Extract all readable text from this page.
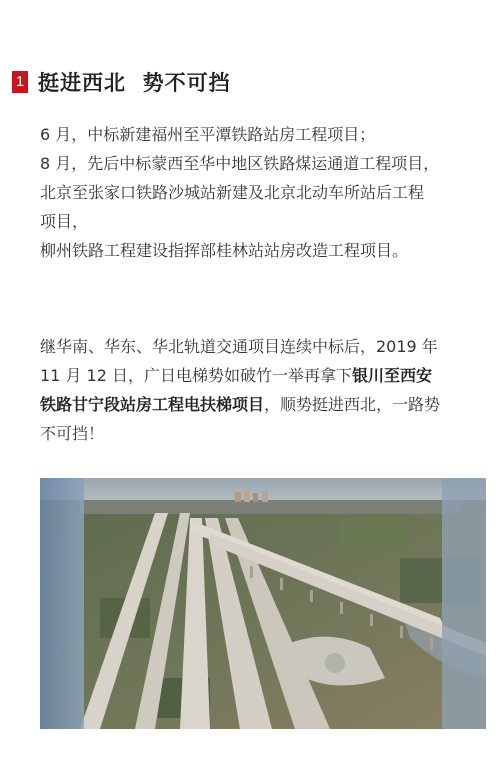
1 挺进西北  势不可挡
6 月，中标新建福州至平潭铁路站房工程项目；
8 月，先后中标蒙西至华中地区铁路煤运通道工程项目，
北京至张家口铁路沙城站新建及北京北动车所站后工程
项目，
柳州铁路工程建设指挥部桂林站站房改造工程项目。
继华南、华东、华北轨道交通项目连续中标后，2019 年
11 月 12 日，广日电梯势如破竹一举再拿下银川至西安
铁路甘宁段站房工程电扶梯项目，顺势挺进西北，一路势
不可挡！
